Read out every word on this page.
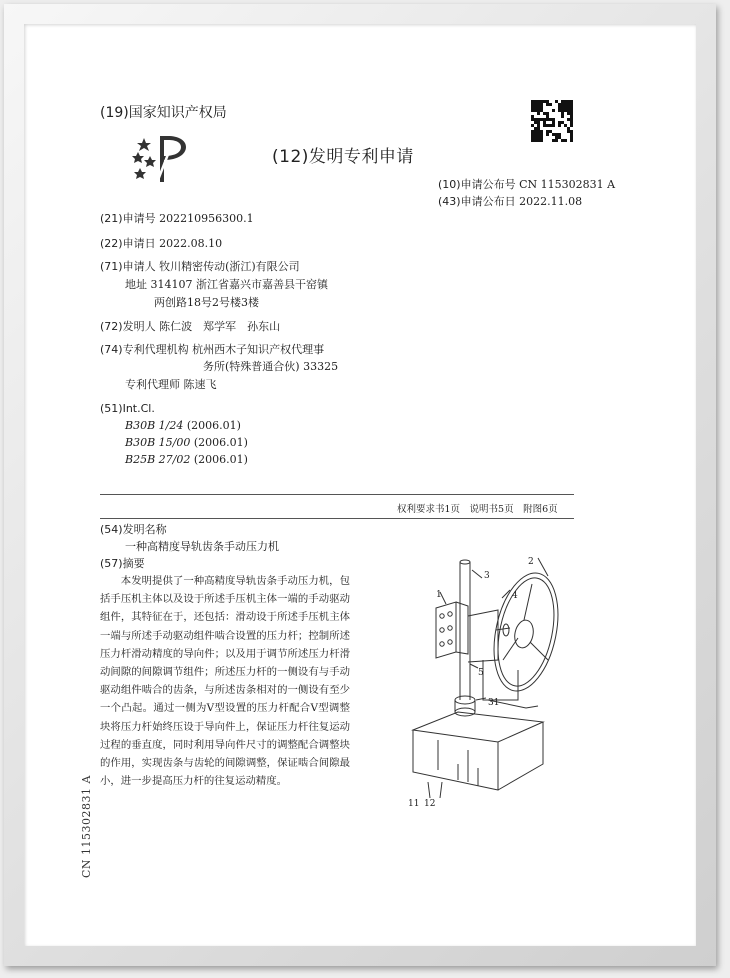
CN 115302831 A
(19)国家知识产权局
(12)发明专利申请
(10)申请公布号 CN 115302831 A
(43)申请公布日 2022.11.08
(21)申请号 202210956300.1
(22)申请日 2022.08.10
(71)申请人 牧川精密传动(浙江)有限公司
地址 314107 浙江省嘉兴市嘉善县干窑镇
两创路18号2号楼3楼
(72)发明人 陈仁波　郑学军　孙东山
(74)专利代理机构 杭州西木子知识产权代理事
务所(特殊普通合伙) 33325
专利代理师 陈速飞
(51)Int.Cl.
B30B 1/24 (2006.01)
B30B 15/00 (2006.01)
B25B 27/02 (2006.01)
权利要求书1页　说明书5页　附图6页
(54)发明名称
一种高精度导轨齿条手动压力机
(57)摘要
本发明提供了一种高精度导轨齿条手动压力机，包括手压机主体以及设于所述手压机主体一端的手动驱动组件，其特征在于，还包括：滑动设于所述手压机主体一端与所述手动驱动组件啮合设置的压力杆；控制所述压力杆滑动精度的导向件；以及用于调节所述压力杆滑动间隙的间隙调节组件；所述压力杆的一侧设有与手动驱动组件啮合的齿条，与所述齿条相对的一侧设有至少一个凸起。通过一侧为V型设置的压力杆配合V型调整块将压力杆始终压设于导向件上，保证压力杆往复运动过程的垂直度，同时利用导向件尺寸的调整配合调整块的作用，实现齿条与齿轮的间隙调整，保证啮合间隙最小，进一步提高压力杆的往复运动精度。
2
1
3
4
5
31
11 12
